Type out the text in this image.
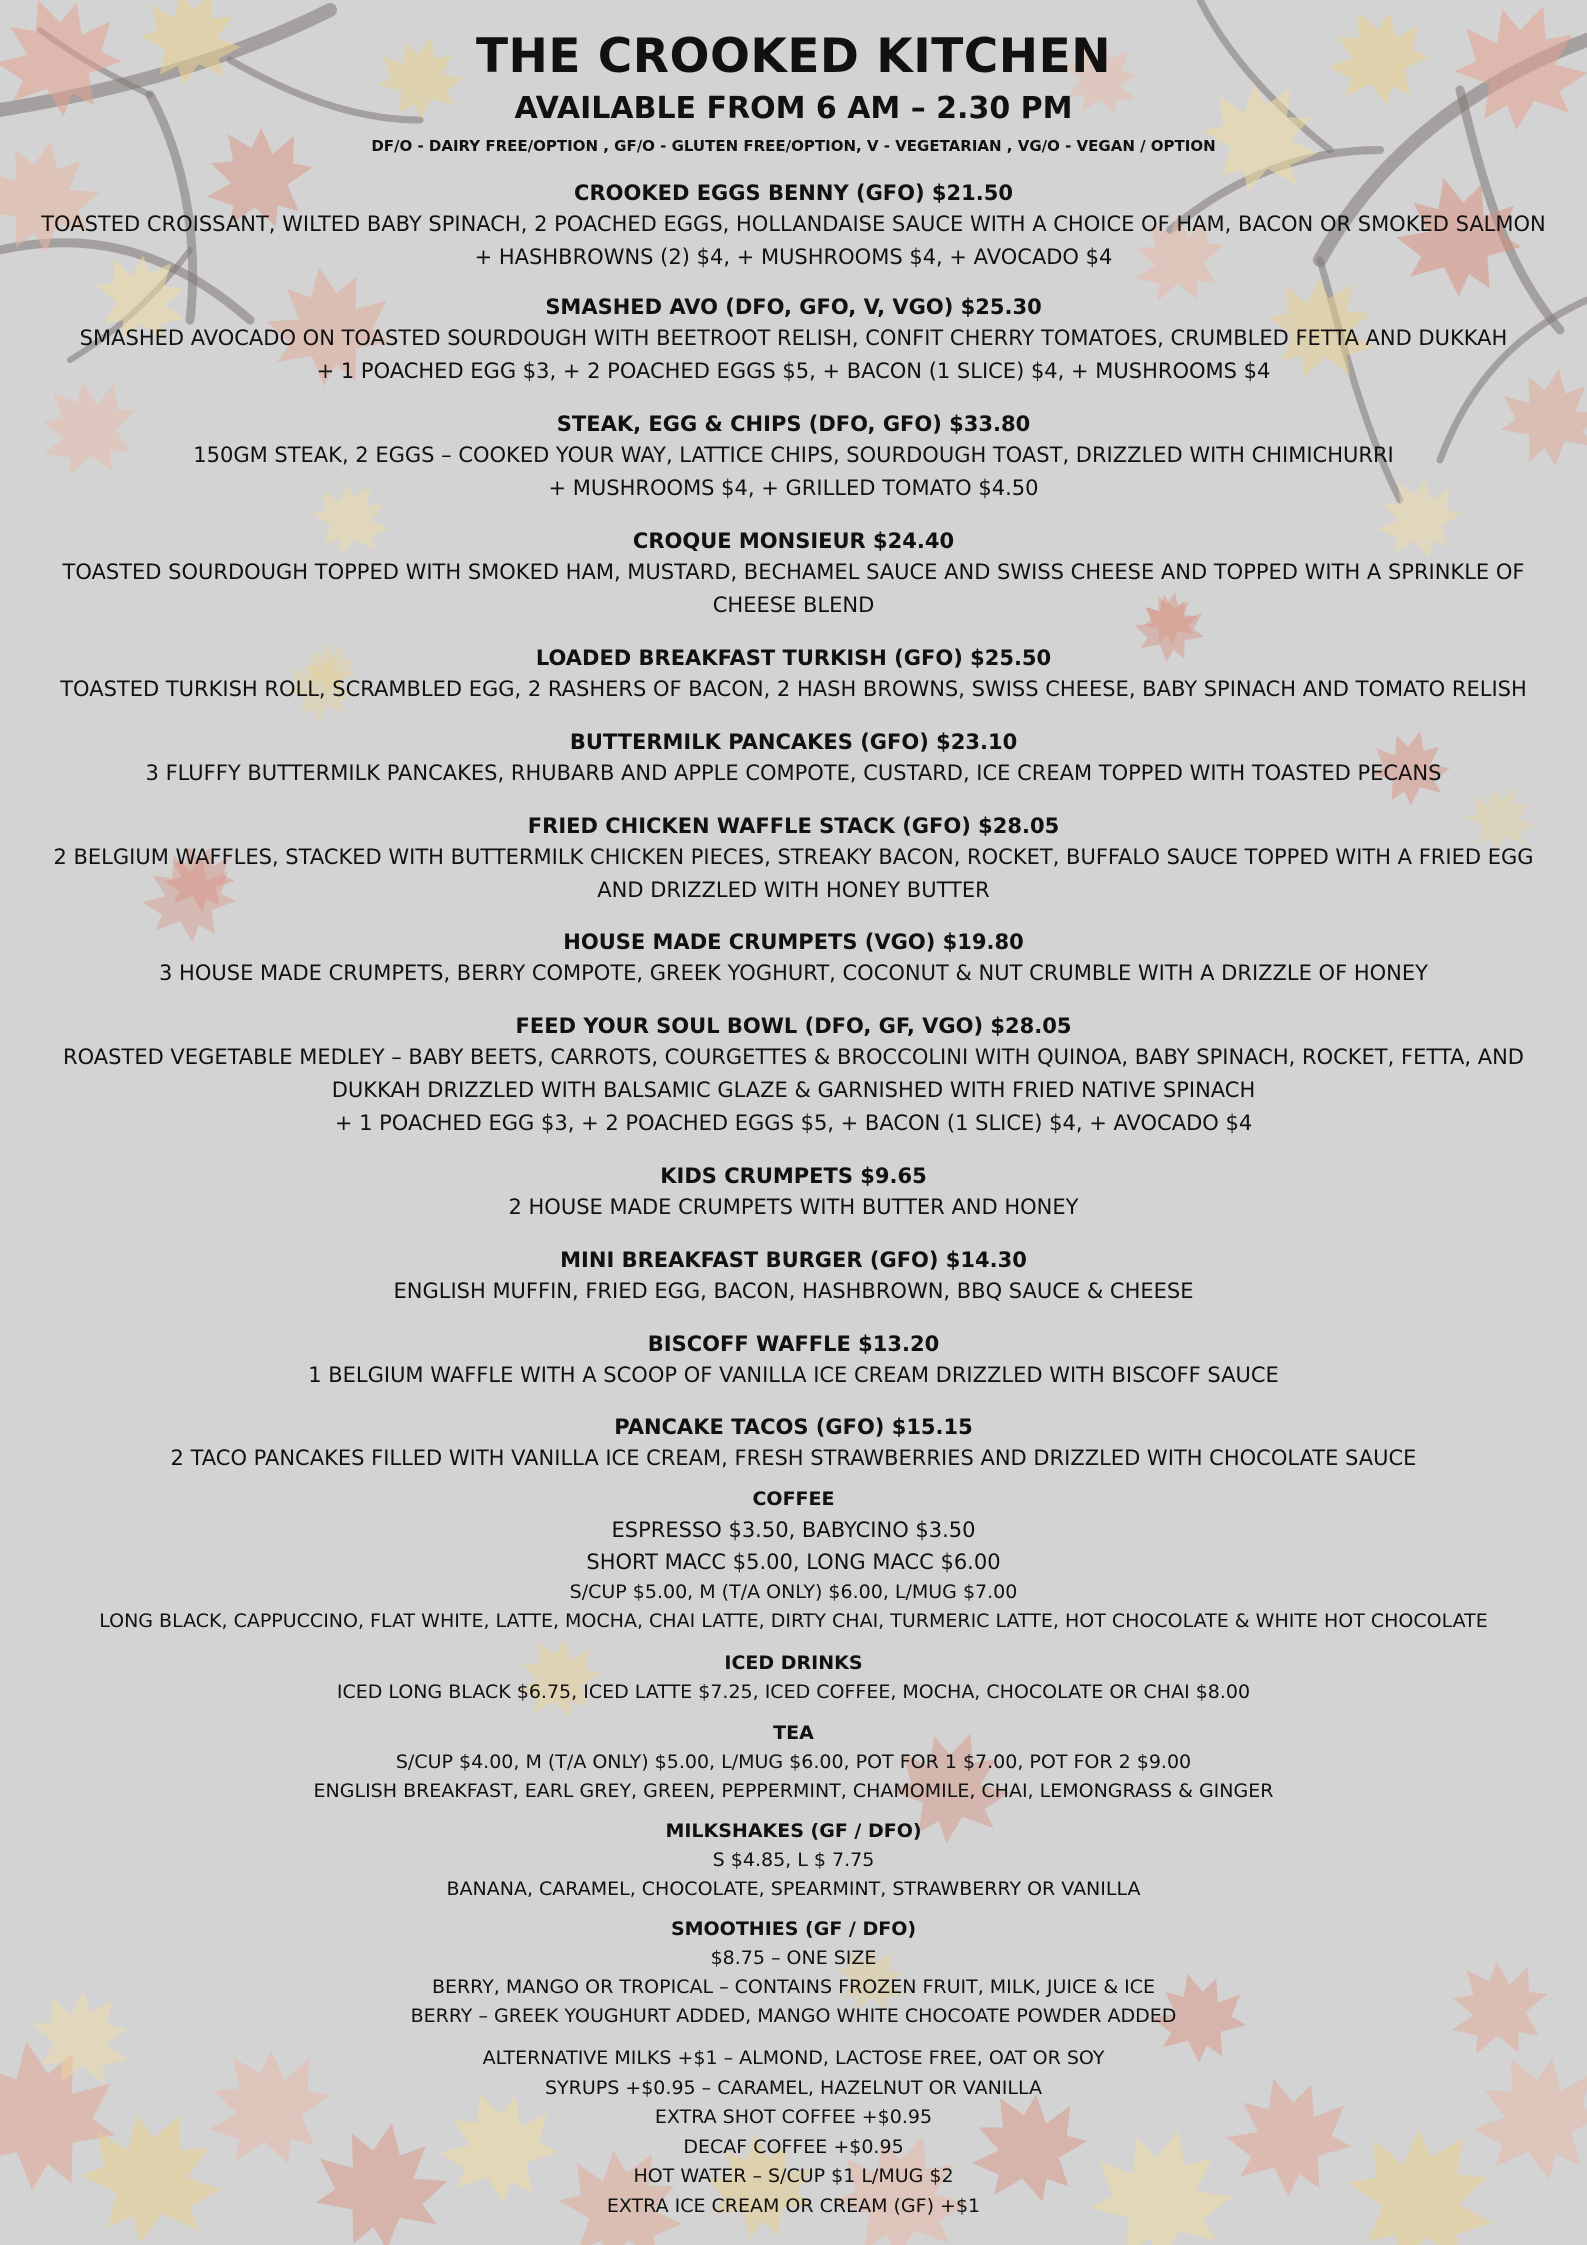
THE CROOKED KITCHEN
AVAILABLE FROM 6 AM – 2.30 PM
DF/O - DAIRY FREE/OPTION , GF/O - GLUTEN FREE/OPTION, V - VEGETARIAN , VG/O - VEGAN / OPTION
CROOKED EGGS BENNY (GFO) $21.50
TOASTED CROISSANT, WILTED BABY SPINACH, 2 POACHED EGGS, HOLLANDAISE SAUCE WITH A CHOICE OF HAM, BACON OR SMOKED SALMON
+ HASHBROWNS (2) $4, + MUSHROOMS $4, + AVOCADO $4
SMASHED AVO (DFO, GFO, V, VGO) $25.30
SMASHED AVOCADO ON TOASTED SOURDOUGH WITH BEETROOT RELISH, CONFIT CHERRY TOMATOES, CRUMBLED FETTA AND DUKKAH
+ 1 POACHED EGG $3, + 2 POACHED EGGS $5, + BACON (1 SLICE) $4, + MUSHROOMS $4
STEAK, EGG & CHIPS (DFO, GFO) $33.80
150GM STEAK, 2 EGGS – COOKED YOUR WAY, LATTICE CHIPS, SOURDOUGH TOAST, DRIZZLED WITH CHIMICHURRI
+ MUSHROOMS $4, + GRILLED TOMATO $4.50
CROQUE MONSIEUR $24.40
TOASTED SOURDOUGH TOPPED WITH SMOKED HAM, MUSTARD, BECHAMEL SAUCE AND SWISS CHEESE AND TOPPED WITH A SPRINKLE OF
CHEESE BLEND
LOADED BREAKFAST TURKISH (GFO) $25.50
TOASTED TURKISH ROLL, SCRAMBLED EGG, 2 RASHERS OF BACON, 2 HASH BROWNS, SWISS CHEESE, BABY SPINACH AND TOMATO RELISH
BUTTERMILK PANCAKES (GFO) $23.10
3 FLUFFY BUTTERMILK PANCAKES, RHUBARB AND APPLE COMPOTE, CUSTARD, ICE CREAM TOPPED WITH TOASTED PECANS
FRIED CHICKEN WAFFLE STACK (GFO) $28.05
2 BELGIUM WAFFLES, STACKED WITH BUTTERMILK CHICKEN PIECES, STREAKY BACON, ROCKET, BUFFALO SAUCE TOPPED WITH A FRIED EGG
AND DRIZZLED WITH HONEY BUTTER
HOUSE MADE CRUMPETS (VGO) $19.80
3 HOUSE MADE CRUMPETS, BERRY COMPOTE, GREEK YOGHURT, COCONUT & NUT CRUMBLE WITH A DRIZZLE OF HONEY
FEED YOUR SOUL BOWL (DFO, GF, VGO) $28.05
ROASTED VEGETABLE MEDLEY – BABY BEETS, CARROTS, COURGETTES & BROCCOLINI WITH QUINOA, BABY SPINACH, ROCKET, FETTA, AND
DUKKAH DRIZZLED WITH BALSAMIC GLAZE & GARNISHED WITH FRIED NATIVE SPINACH
+ 1 POACHED EGG $3, + 2 POACHED EGGS $5, + BACON (1 SLICE) $4, + AVOCADO $4
KIDS CRUMPETS $9.65
2 HOUSE MADE CRUMPETS WITH BUTTER AND HONEY
MINI BREAKFAST BURGER (GFO) $14.30
ENGLISH MUFFIN, FRIED EGG, BACON, HASHBROWN, BBQ SAUCE & CHEESE
BISCOFF WAFFLE $13.20
1 BELGIUM WAFFLE WITH A SCOOP OF VANILLA ICE CREAM DRIZZLED WITH BISCOFF SAUCE
PANCAKE TACOS (GFO) $15.15
2 TACO PANCAKES FILLED WITH VANILLA ICE CREAM, FRESH STRAWBERRIES AND DRIZZLED WITH CHOCOLATE SAUCE
COFFEE
ESPRESSO $3.50, BABYCINO $3.50
SHORT MACC $5.00, LONG MACC $6.00
S/CUP $5.00, M (T/A ONLY) $6.00, L/MUG $7.00
LONG BLACK, CAPPUCCINO, FLAT WHITE, LATTE, MOCHA, CHAI LATTE, DIRTY CHAI, TURMERIC LATTE, HOT CHOCOLATE & WHITE HOT CHOCOLATE
ICED DRINKS
ICED LONG BLACK $6.75, ICED LATTE $7.25, ICED COFFEE, MOCHA, CHOCOLATE OR CHAI $8.00
TEA
S/CUP $4.00, M (T/A ONLY) $5.00, L/MUG $6.00, POT FOR 1 $7.00, POT FOR 2 $9.00
ENGLISH BREAKFAST, EARL GREY, GREEN, PEPPERMINT, CHAMOMILE, CHAI, LEMONGRASS & GINGER
MILKSHAKES (GF / DFO)
S $4.85, L $ 7.75
BANANA, CARAMEL, CHOCOLATE, SPEARMINT, STRAWBERRY OR VANILLA
SMOOTHIES (GF / DFO)
$8.75 – ONE SIZE
BERRY, MANGO OR TROPICAL – CONTAINS FROZEN FRUIT, MILK, JUICE & ICE
BERRY – GREEK YOUGHURT ADDED, MANGO WHITE CHOCOATE POWDER ADDED
ALTERNATIVE MILKS +$1 – ALMOND, LACTOSE FREE, OAT OR SOY
SYRUPS +$0.95 – CARAMEL, HAZELNUT OR VANILLA
EXTRA SHOT COFFEE +$0.95
DECAF COFFEE +$0.95
HOT WATER – S/CUP $1 L/MUG $2
EXTRA ICE CREAM OR CREAM (GF) +$1
